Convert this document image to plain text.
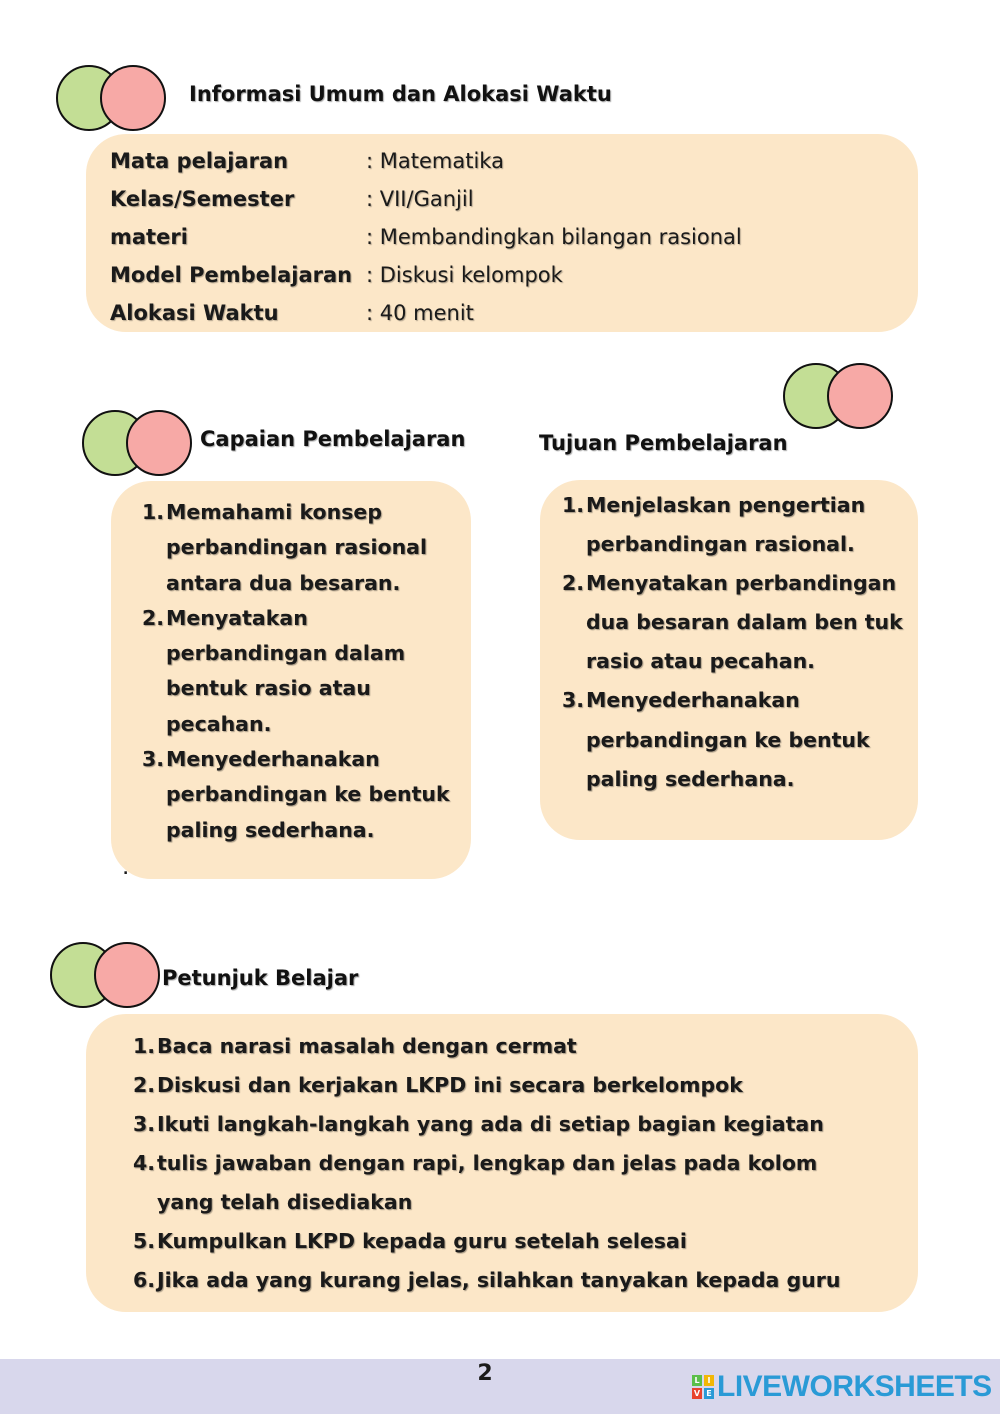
Informasi Umum dan Alokasi Waktu
Mata pelajaran	: Matematika
Kelas/Semester	: VII/Ganjil
materi	: Membandingkan bilangan rasional
Model Pembelajaran	: Diskusi kelompok
Alokasi Waktu	: 40 menit
Capaian Pembelajaran
1. Memahami konsep
perbandingan rasional
antara dua besaran.
2. Menyatakan
perbandingan dalam
bentuk rasio atau
pecahan.
3. Menyederhanakan
perbandingan ke bentuk
paling sederhana.
.
Tujuan Pembelajaran
1. Menjelaskan pengertian
perbandingan rasional.
2. Menyatakan perbandingan
dua besaran dalam ben tuk
rasio atau pecahan.
3. Menyederhanakan
perbandingan ke bentuk
paling sederhana.
Petunjuk Belajar
1. Baca narasi masalah dengan cermat
2. Diskusi dan kerjakan LKPD ini secara berkelompok
3. Ikuti langkah-langkah yang ada di setiap bagian kegiatan
4. tulis jawaban dengan rapi, lengkap dan jelas pada kolom
yang telah disediakan
5. Kumpulkan LKPD kepada guru setelah selesai
6. Jika ada yang kurang jelas, silahkan tanyakan kepada guru
2	L I
V E LIVEWORKSHEETS
